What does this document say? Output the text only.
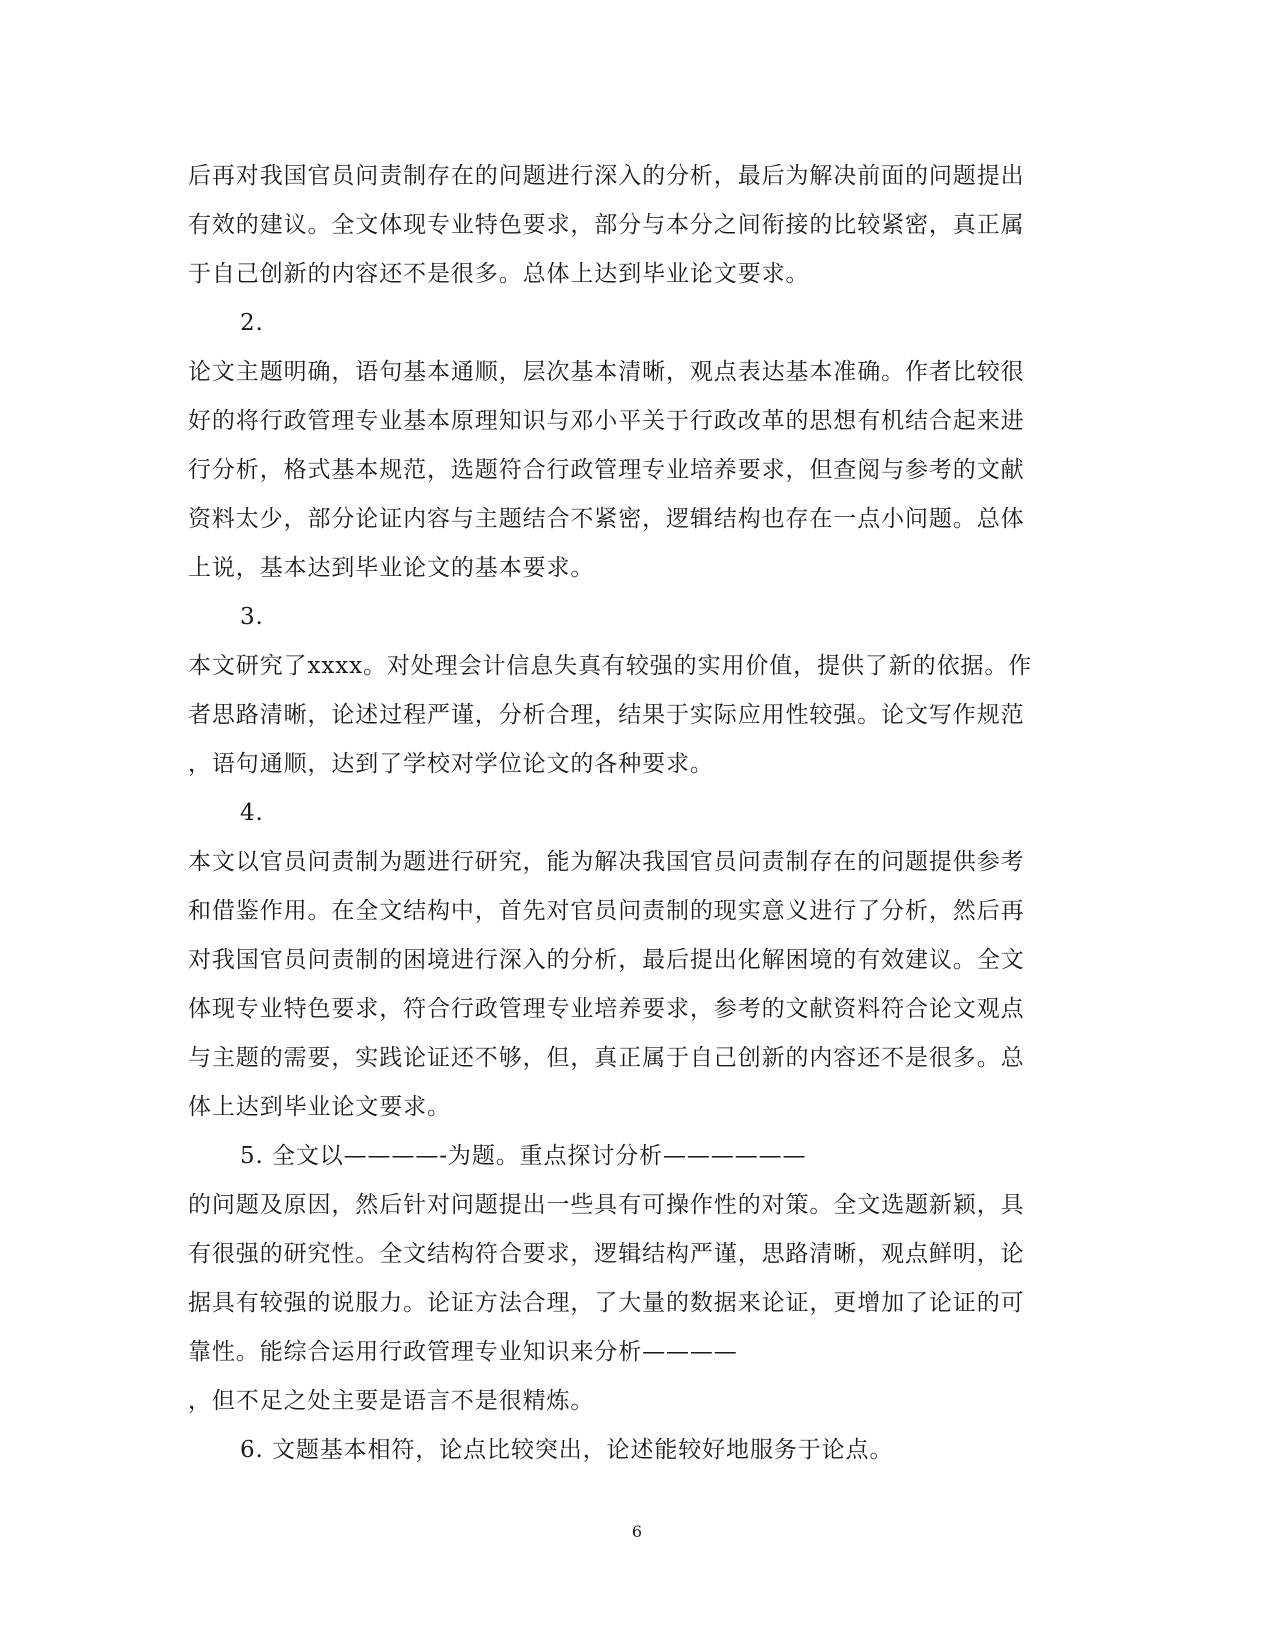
后再对我国官员问责制存在的问题进行深入的分析，最后为解决前面的问题提出
有效的建议。全文体现专业特色要求，部分与本分之间衔接的比较紧密，真正属
于自己创新的内容还不是很多。总体上达到毕业论文要求。
2.
论文主题明确，语句基本通顺，层次基本清晰，观点表达基本准确。作者比较很
好的将行政管理专业基本原理知识与邓小平关于行政改革的思想有机结合起来进
行分析，格式基本规范，选题符合行政管理专业培养要求，但查阅与参考的文献
资料太少，部分论证内容与主题结合不紧密，逻辑结构也存在一点小问题。总体
上说，基本达到毕业论文的基本要求。
3.
本文研究了xxxx。对处理会计信息失真有较强的实用价值，提供了新的依据。作
者思路清晰，论述过程严谨，分析合理，结果于实际应用性较强。论文写作规范
，语句通顺，达到了学校对学位论文的各种要求。
4.
本文以官员问责制为题进行研究，能为解决我国官员问责制存在的问题提供参考
和借鉴作用。在全文结构中，首先对官员问责制的现实意义进行了分析，然后再
对我国官员问责制的困境进行深入的分析，最后提出化解困境的有效建议。全文
体现专业特色要求，符合行政管理专业培养要求，参考的文献资料符合论文观点
与主题的需要，实践论证还不够，但，真正属于自己创新的内容还不是很多。总
体上达到毕业论文要求。
5. 全文以————-为题。重点探讨分析——————
的问题及原因，然后针对问题提出一些具有可操作性的对策。全文选题新颖，具
有很强的研究性。全文结构符合要求，逻辑结构严谨，思路清晰，观点鲜明，论
据具有较强的说服力。论证方法合理，了大量的数据来论证，更增加了论证的可
靠性。能综合运用行政管理专业知识来分析————
，但不足之处主要是语言不是很精炼。
6. 文题基本相符，论点比较突出，论述能较好地服务于论点。
6
